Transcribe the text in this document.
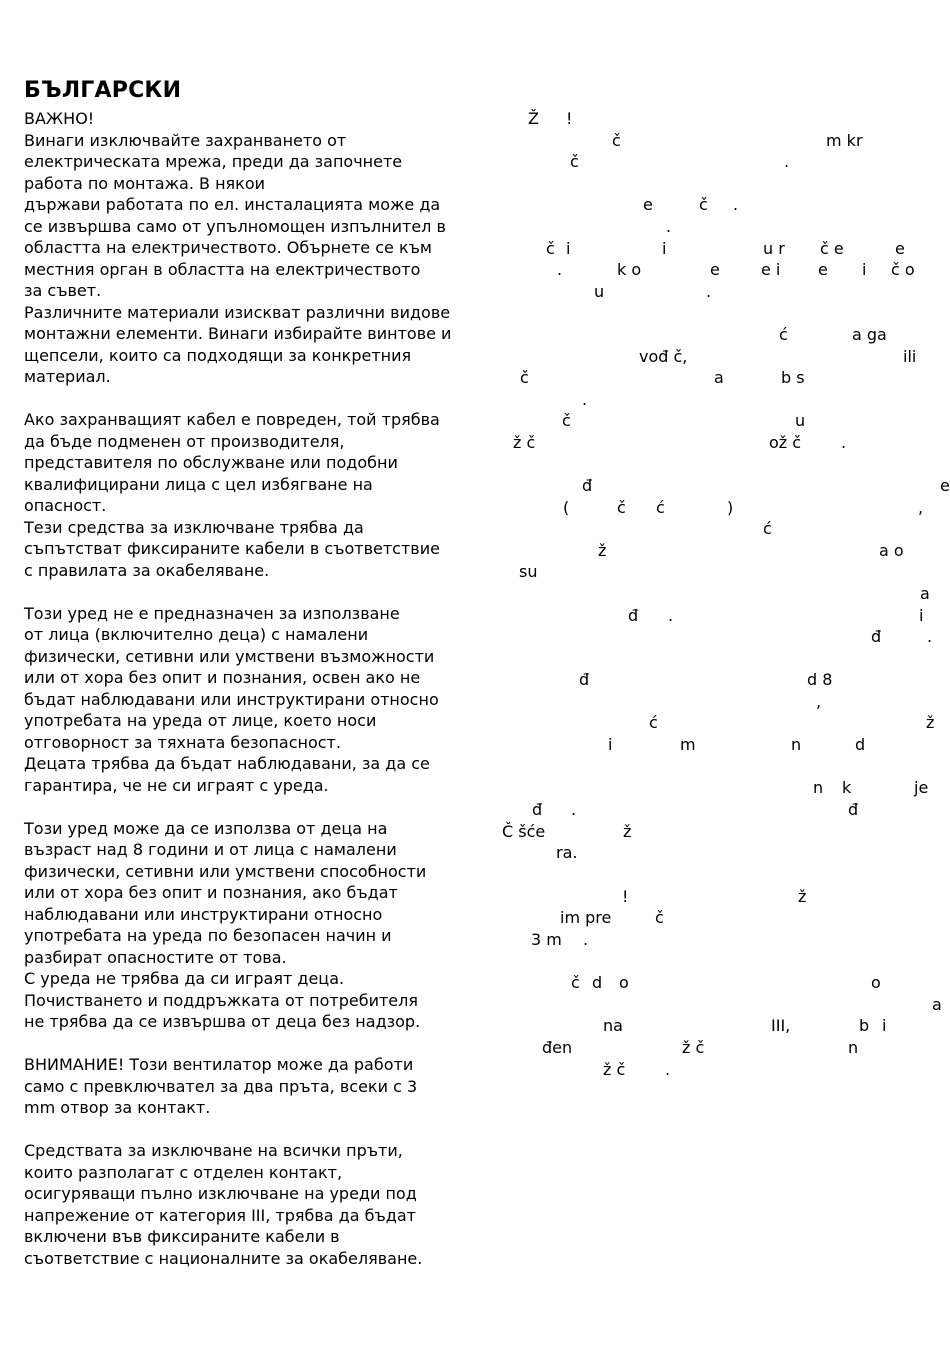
БЪЛГАРСКИ
ВАЖНО!
Винаги изключвайте захранването от
електрическата мрежа, преди да започнете
работа по монтажа. В някои
държави работата по ел. инсталацията може да
се извършва само от упълномощен изпълнител в
областта на електричеството. Обърнете се към
местния орган в областта на електричеството
за съвет.
Различните материали изискват различни видове
монтажни елементи. Винаги избирайте винтове и
щепсели, които са подходящи за конкретния
материал.
Ако захранващият кабел е повреден, той трябва
да бъде подменен от производителя,
представителя по обслужване или подобни
квалифицирани лица с цел избягване на
опасност.
Тези средства за изключване трябва да
съпътстват фиксираните кабели в съответствие
с правилата за окабеляване.
Този уред не е предназначен за използване
от лица (включително деца) с намалени
физически, сетивни или умствени възможности
или от хора без опит и познания, освен ако не
бъдат наблюдавани или инструктирани относно
употребата на уреда от лице, което носи
отговорност за тяхната безопасност.
Децата трябва да бъдат наблюдавани, за да се
гарантира, че не си играят с уреда.
Този уред може да се използва от деца на
възраст над 8 години и от лица с намалени
физически, сетивни или умствени способности
или от хора без опит и познания, ако бъдат
наблюдавани или инструктирани относно
употребата на уреда по безопасен начин и
разбират опасностите от това.
С уреда не трябва да си играят деца.
Почистването и поддръжката от потребителя
не трябва да се извършва от деца без надзор.
ВНИМАНИЕ! Този вентилатор може да работи
само с превключвател за два пръта, всеки с 3
mm отвор за контакт.
Средствата за изключване на всички пръти,
които разполагат с отделен контакт,
осигуряващи пълно изключване на уреди под
напрежение от категория III, трябва да бъдат
включени във фиксираните кабели в
съответствие с националните за окабеляване.
Ž !
č	m kr
č	.
.
e	č .
č i	i	u r č e	e
.	k o	e	e i e i č o
u	.
ć	a ga
vođ č,	ili
č	a	b s
.
č	u
ž č	ož č .
đ	e
(	č ć	)	,
ć
ž	a o
su
a
đ .	i
đ	.
đ	d 8
,
ć	ž
i	m	n	d
n k	je
đ .	đ
Č šće	ž
ra.
!	ž
im pre	č
3 m .
č d o	o
a
na	III,	b i
đen	ž č	n
ž č .
